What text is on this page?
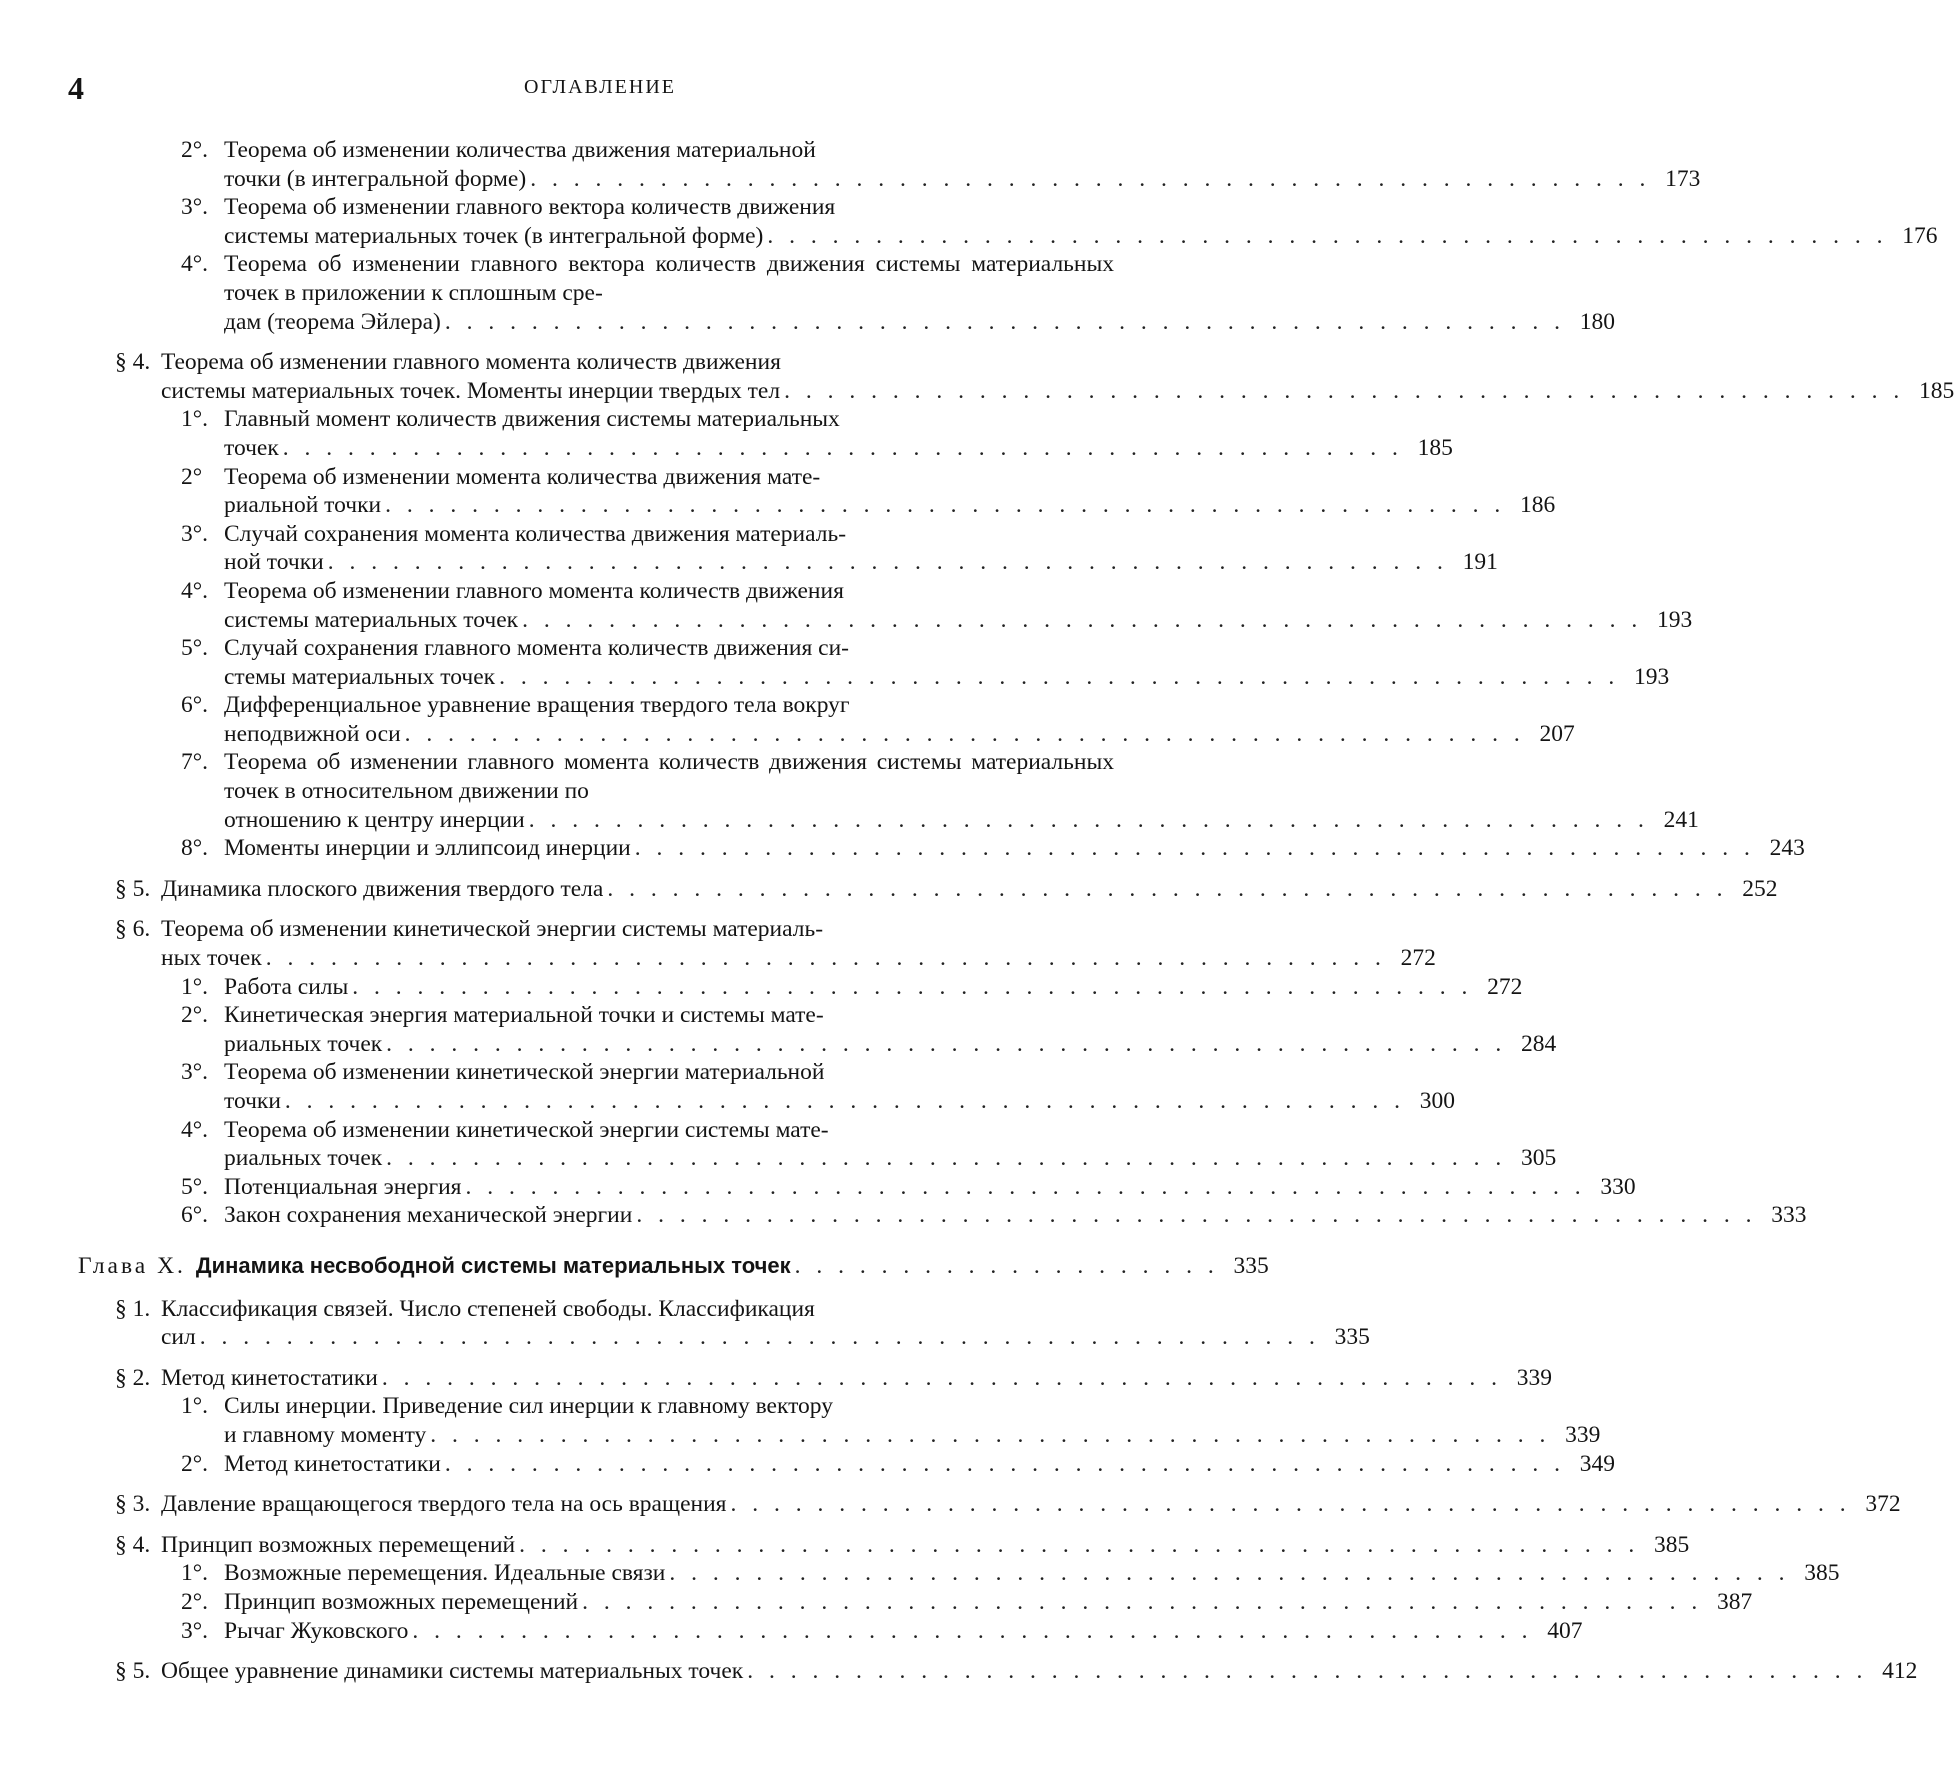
4	ОГЛАВЛЕНИЕ
2°. Теорема об изменении количества движения материальной
точки (в интегральной форме) . . . . . . . . . . . . . . . . . . . . . . . . . . . . . . . . . . . . . . . . . . . . . . . . . . . . 173
3°. Теорема об изменении главного вектора количеств движения
системы материальных точек (в интегральной форме) . . . . . . . . . . . . . . . . . . . . . . . . . . . . . . . . . . . . . . . . . . . . . . . . . . . . 176
4°. Теорема об изменении главного вектора количеств движения системы материальных точек в приложении к сплошным сре-
дам (теорема Эйлера) . . . . . . . . . . . . . . . . . . . . . . . . . . . . . . . . . . . . . . . . . . . . . . . . . . . . 180
§ 4. Теорема об изменении главного момента количеств движения
системы материальных точек. Моменты инерции твердых тел . . . . . . . . . . . . . . . . . . . . . . . . . . . . . . . . . . . . . . . . . . . . . . . . . . . . 185
1°. Главный момент количеств движения системы материальных
точек . . . . . . . . . . . . . . . . . . . . . . . . . . . . . . . . . . . . . . . . . . . . . . . . . . . . 185
2° Теорема об изменении момента количества движения мате-
риальной точки . . . . . . . . . . . . . . . . . . . . . . . . . . . . . . . . . . . . . . . . . . . . . . . . . . . . 186
3°. Случай сохранения момента количества движения материаль-
ной точки . . . . . . . . . . . . . . . . . . . . . . . . . . . . . . . . . . . . . . . . . . . . . . . . . . . . 191
4°. Теорема об изменении главного момента количеств движения
системы материальных точек . . . . . . . . . . . . . . . . . . . . . . . . . . . . . . . . . . . . . . . . . . . . . . . . . . . . 193
5°. Случай сохранения главного момента количеств движения си-
стемы материальных точек . . . . . . . . . . . . . . . . . . . . . . . . . . . . . . . . . . . . . . . . . . . . . . . . . . . . 193
6°. Дифференциальное уравнение вращения твердого тела вокруг
неподвижной оси . . . . . . . . . . . . . . . . . . . . . . . . . . . . . . . . . . . . . . . . . . . . . . . . . . . . 207
7°. Теорема об изменении главного момента количеств движения системы материальных точек в относительном движении по
отношению к центру инерции . . . . . . . . . . . . . . . . . . . . . . . . . . . . . . . . . . . . . . . . . . . . . . . . . . . . 241
8°. Моменты инерции и эллипсоид инерции . . . . . . . . . . . . . . . . . . . . . . . . . . . . . . . . . . . . . . . . . . . . . . . . . . . . 243
§ 5. Динамика плоского движения твердого тела . . . . . . . . . . . . . . . . . . . . . . . . . . . . . . . . . . . . . . . . . . . . . . . . . . . . 252
§ 6. Теорема об изменении кинетической энергии системы материаль-
ных точек . . . . . . . . . . . . . . . . . . . . . . . . . . . . . . . . . . . . . . . . . . . . . . . . . . . . 272
1°. Работа силы . . . . . . . . . . . . . . . . . . . . . . . . . . . . . . . . . . . . . . . . . . . . . . . . . . . . 272
2°. Кинетическая энергия материальной точки и системы мате-
риальных точек . . . . . . . . . . . . . . . . . . . . . . . . . . . . . . . . . . . . . . . . . . . . . . . . . . . . 284
3°. Теорема об изменении кинетической энергии материальной
точки . . . . . . . . . . . . . . . . . . . . . . . . . . . . . . . . . . . . . . . . . . . . . . . . . . . . 300
4°. Теорема об изменении кинетической энергии системы мате-
риальных точек . . . . . . . . . . . . . . . . . . . . . . . . . . . . . . . . . . . . . . . . . . . . . . . . . . . . 305
5°. Потенциальная энергия . . . . . . . . . . . . . . . . . . . . . . . . . . . . . . . . . . . . . . . . . . . . . . . . . . . . 330
6°. Закон сохранения механической энергии . . . . . . . . . . . . . . . . . . . . . . . . . . . . . . . . . . . . . . . . . . . . . . . . . . . . 333
Глава X. Динамика несвободной системы материальных точек . . . . . . . . . . . . . . . . . . . . 335
§ 1. Классификация связей. Число степеней свободы. Классификация
сил . . . . . . . . . . . . . . . . . . . . . . . . . . . . . . . . . . . . . . . . . . . . . . . . . . . . 335
§ 2. Метод кинетостатики . . . . . . . . . . . . . . . . . . . . . . . . . . . . . . . . . . . . . . . . . . . . . . . . . . . . 339
1°. Силы инерции. Приведение сил инерции к главному вектору
и главному моменту . . . . . . . . . . . . . . . . . . . . . . . . . . . . . . . . . . . . . . . . . . . . . . . . . . . . 339
2°. Метод кинетостатики . . . . . . . . . . . . . . . . . . . . . . . . . . . . . . . . . . . . . . . . . . . . . . . . . . . . 349
§ 3. Давление вращающегося твердого тела на ось вращения . . . . . . . . . . . . . . . . . . . . . . . . . . . . . . . . . . . . . . . . . . . . . . . . . . . . 372
§ 4. Принцип возможных перемещений . . . . . . . . . . . . . . . . . . . . . . . . . . . . . . . . . . . . . . . . . . . . . . . . . . . . 385
1°. Возможные перемещения. Идеальные связи . . . . . . . . . . . . . . . . . . . . . . . . . . . . . . . . . . . . . . . . . . . . . . . . . . . . 385
2°. Принцип возможных перемещений . . . . . . . . . . . . . . . . . . . . . . . . . . . . . . . . . . . . . . . . . . . . . . . . . . . . 387
3°. Рычаг Жуковского . . . . . . . . . . . . . . . . . . . . . . . . . . . . . . . . . . . . . . . . . . . . . . . . . . . . 407
§ 5. Общее уравнение динамики системы материальных точек . . . . . . . . . . . . . . . . . . . . . . . . . . . . . . . . . . . . . . . . . . . . . . . . . . . . 412
